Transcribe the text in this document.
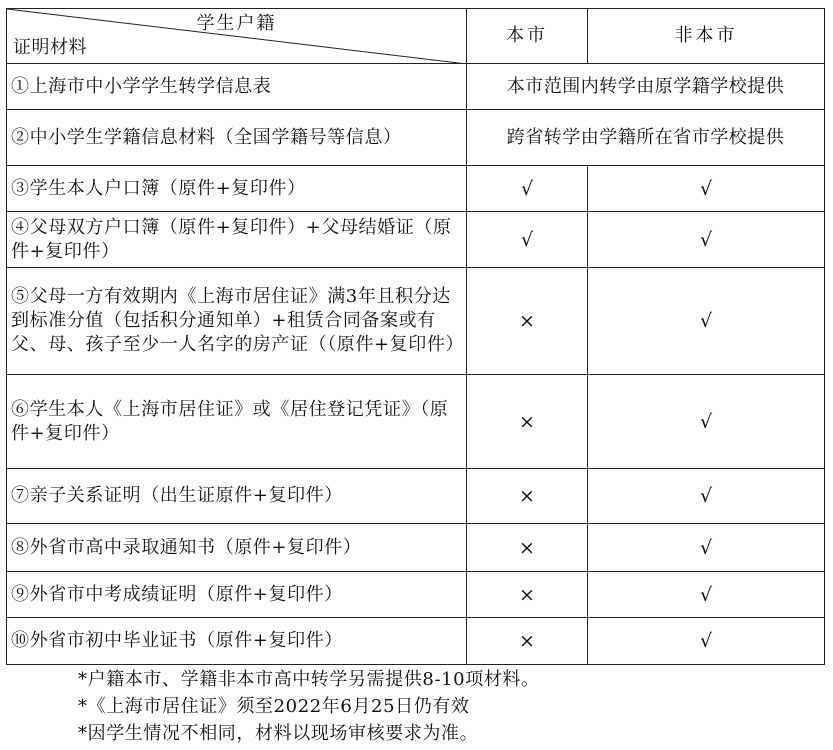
学生户籍
证明材料	本市	非本市
①上海市中小学学生转学信息表	本市范围内转学由原学籍学校提供	
②中小学生学籍信息材料（全国学籍号等信息）	跨省转学由学籍所在省市学校提供	
③学生本人户口簿（原件+复印件）	√	√
④父母双方户口簿（原件+复印件）+父母结婚证（原件+复印件）	√	√
⑤父母一方有效期内《上海市居住证》满3年且积分达到标准分值（包括积分通知单）+租赁合同备案或有父、母、孩子至少一人名字的房产证（（原件+复印件）	×	√
⑥学生本人《上海市居住证》或《居住登记凭证》（原件+复印件）	×	√
⑦亲子关系证明（出生证原件+复印件）	×	√
⑧外省市高中录取通知书（原件+复印件）	×	√
⑨外省市中考成绩证明（原件+复印件）	×	√
⑩外省市初中毕业证书（原件+复印件）	×	√
*户籍本市、学籍非本市高中转学另需提供8-10项材料。
*《上海市居住证》须至2022年6月25日仍有效
*因学生情况不相同，材料以现场审核要求为准。
